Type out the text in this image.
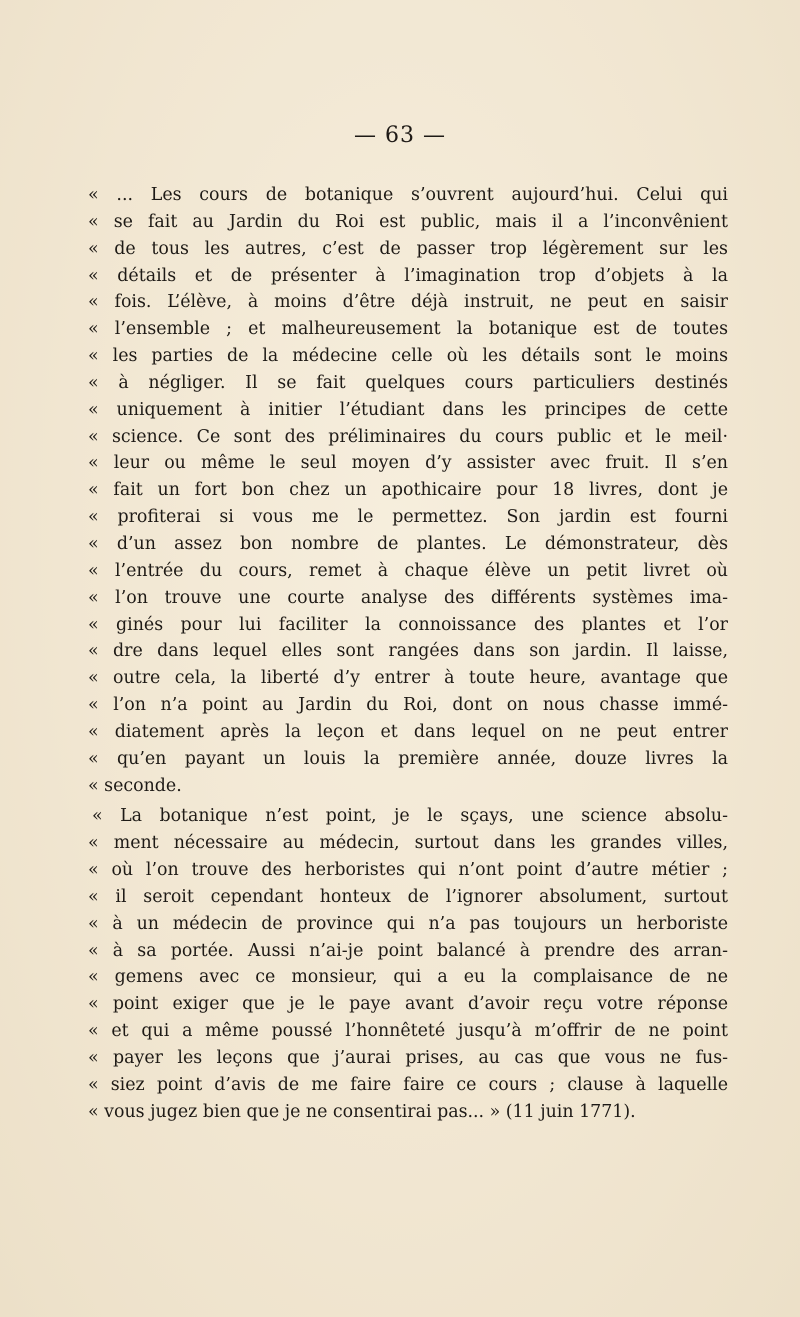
— 63 —
« ... Les cours de botanique s’ouvrent aujourd’hui. Celui qui
« se fait au Jardin du Roi est public, mais il a l’inconvênient
« de tous les autres, c’est de passer trop légèrement sur les
« détails et de présenter à l’imagination trop d’objets à la
« fois. L’élève, à moins d’être déjà instruit, ne peut en saisir
« l’ensemble ; et malheureusement la botanique est de toutes
« les parties de la médecine celle où les détails sont le moins
« à négliger. Il se fait quelques cours particuliers destinés
« uniquement à initier l’étudiant dans les principes de cette
« science. Ce sont des préliminaires du cours public et le meil·
« leur ou même le seul moyen d’y assister avec fruit. Il s’en
« fait un fort bon chez un apothicaire pour 18 livres, dont je
« profiterai si vous me le permettez. Son jardin est fourni
« d’un assez bon nombre de plantes. Le démonstrateur, dès
« l’entrée du cours, remet à chaque élève un petit livret où
« l’on trouve une courte analyse des différents systèmes ima-
« ginés pour lui faciliter la connoissance des plantes et l’or
« dre dans lequel elles sont rangées dans son jardin. Il laisse,
« outre cela, la liberté d’y entrer à toute heure, avantage que
« l’on n’a point au Jardin du Roi, dont on nous chasse immé-
« diatement après la leçon et dans lequel on ne peut entrer
« qu’en payant un louis la première année, douze livres la
« seconde.
« La botanique n’est point, je le sçays, une science absolu-
« ment nécessaire au médecin, surtout dans les grandes villes,
« où l’on trouve des herboristes qui n’ont point d’autre métier ;
« il seroit cependant honteux de l’ignorer absolument, surtout
« à un médecin de province qui n’a pas toujours un herboriste
« à sa portée. Aussi n’ai-je point balancé à prendre des arran-
« gemens avec ce monsieur, qui a eu la complaisance de ne
« point exiger que je le paye avant d’avoir reçu votre réponse
« et qui a même poussé l’honnêteté jusqu’à m’offrir de ne point
« payer les leçons que j’aurai prises, au cas que vous ne fus-
« siez point d’avis de me faire faire ce cours ; clause à laquelle
« vous jugez bien que je ne consentirai pas... » (11 juin 1771).
